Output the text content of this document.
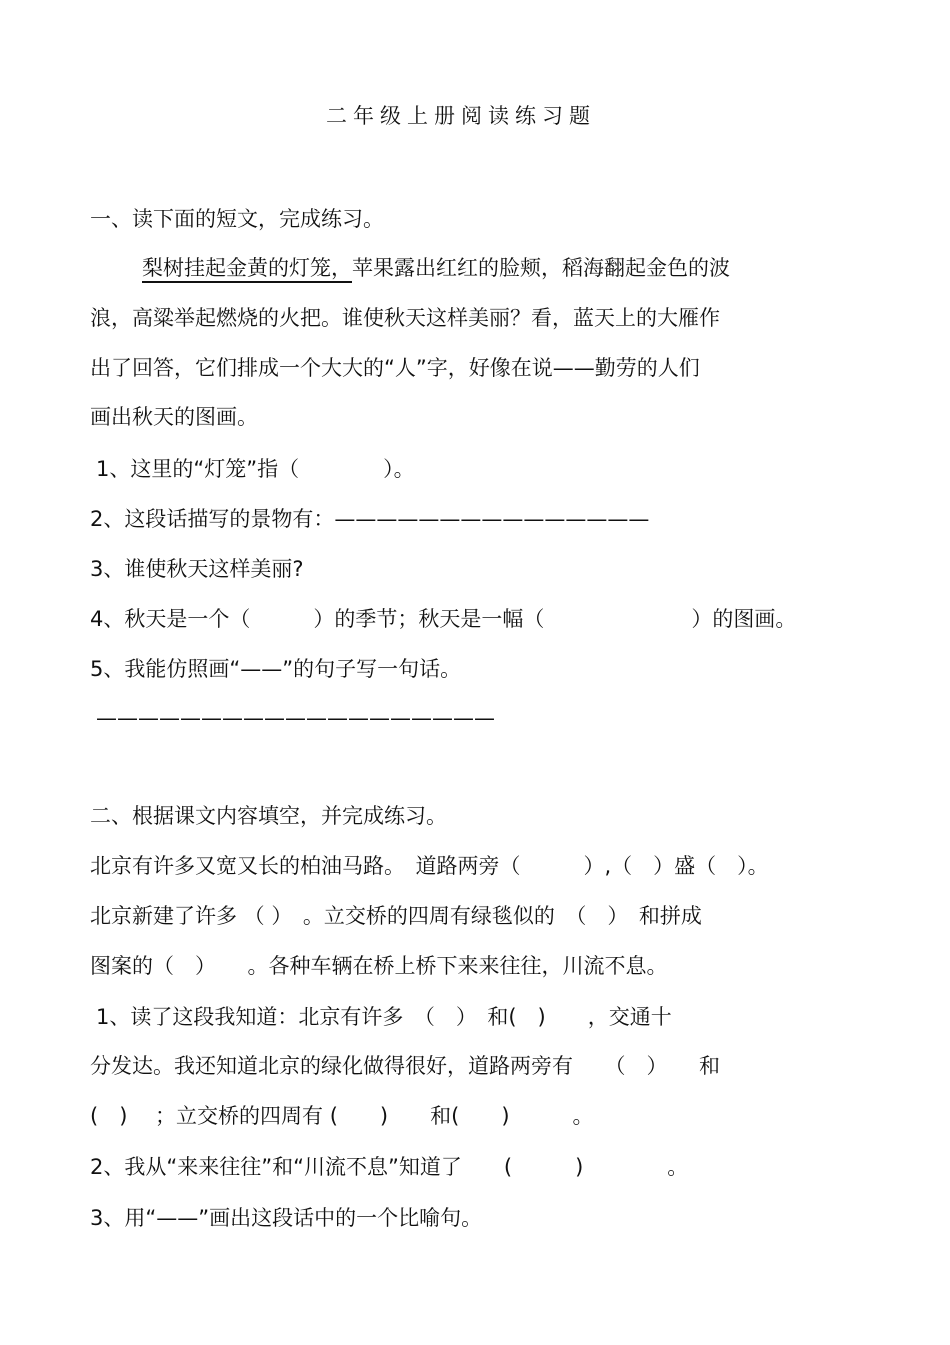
二年级上册阅读练习题
一、读下面的短文，完成练习。
梨树挂起金黄的灯笼，苹果露出红红的脸颊，稻海翻起金色的波
浪，高粱举起燃烧的火把。谁使秋天这样美丽？看，蓝天上的大雁作
出了回答，它们排成一个大大的“人”字，好像在说——勤劳的人们
画出秋天的图画。
1、这里的“灯笼”指（　　　　）。
2、这段话描写的景物有：———————————————
3、谁使秋天这样美丽?
4、秋天是一个（　　　）的季节；秋天是一幅（　　　　　　　）的图画。
5、我能仿照画“——”的句子写一句话。
———————————————————
二、根据课文内容填空，并完成练习。
北京有许多又宽又长的柏油马路。　道路两旁（　　　）,（　）盛（　）。
北京新建了许多 （ ）　。立交桥的四周有绿毯似的　（　）　和拼成
图案的（　）　　。各种车辆在桥上桥下来来往往，川流不息。
1、读了这段我知道：北京有许多　（　）　和(　)　　，交通十
分发达。我还知道北京的绿化做得很好，道路两旁有　　（　）　　和
(　)　 ；立交桥的四周有 (　　)　　和(　　)　　　。
2、我从“来来往往”和“川流不息”知道了　　(　　　)　　　　。
3、用“——”画出这段话中的一个比喻句。
